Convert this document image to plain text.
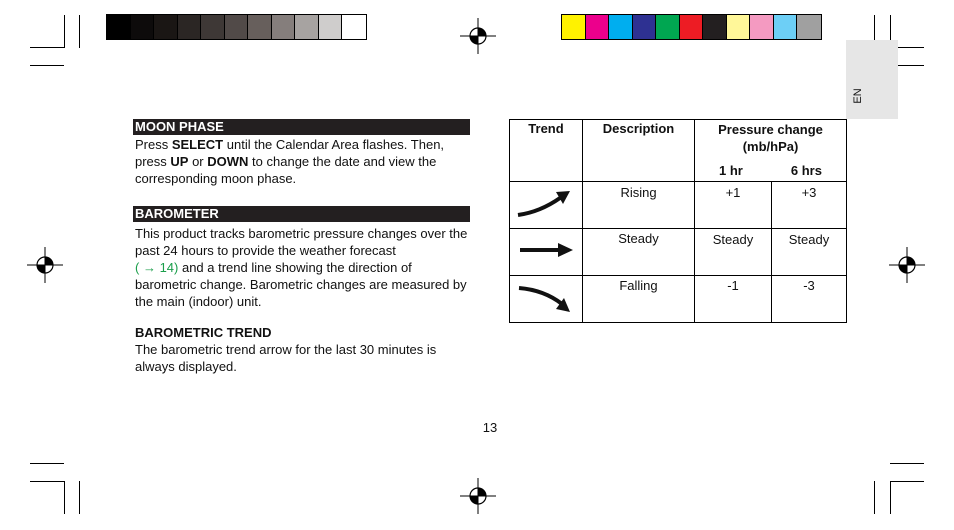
EN
MOON PHASE

Press SELECT until the Calendar Area flashes. Then, press UP or DOWN to change the date and view the corresponding moon phase.

BAROMETER

This product tracks barometric pressure changes over the past 24 hours to provide the weather forecast
( → 14) and a trend line showing the direction of barometric change. Barometric changes are measured by the main (indoor) unit.

BAROMETRIC TREND

The barometric trend arrow for the last 30 minutes is always displayed.

Trend	Description	Pressure change
(mb/hPa)
1 hr 6 hrs	

Rising	+1	+3

Steady	Steady	Steady

Falling	-1	-3
13
